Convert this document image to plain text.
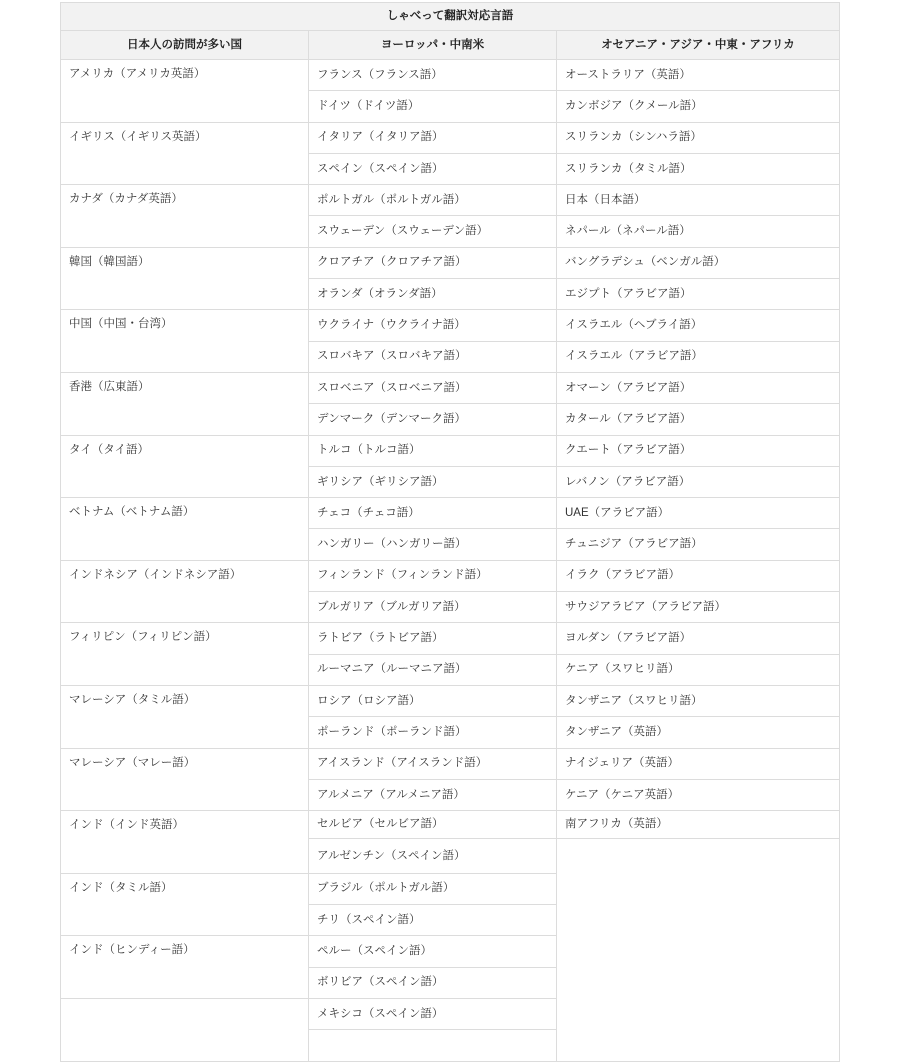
しゃべって翻訳対応言語		
日本人の訪問が多い国	ヨーロッパ・中南米	オセアニア・アジア・中東・アフリカ
アメリカ（アメリカ英語）	フランス（フランス語）	オーストラリア（英語）
	ドイツ（ドイツ語）	カンボジア（クメール語）
イギリス（イギリス英語）	イタリア（イタリア語）	スリランカ（シンハラ語）
	スペイン（スペイン語）	スリランカ（タミル語）
カナダ（カナダ英語）	ポルトガル（ポルトガル語）	日本（日本語）
	スウェーデン（スウェーデン語）	ネパール（ネパール語）
韓国（韓国語）	クロアチア（クロアチア語）	バングラデシュ（ベンガル語）
	オランダ（オランダ語）	エジプト（アラビア語）
中国（中国・台湾）	ウクライナ（ウクライナ語）	イスラエル（ヘブライ語）
	スロバキア（スロバキア語）	イスラエル（アラビア語）
香港（広東語）	スロベニア（スロベニア語）	オマーン（アラビア語）
	デンマーク（デンマーク語）	カタール（アラビア語）
タイ（タイ語）	トルコ（トルコ語）	クエート（アラビア語）
	ギリシア（ギリシア語）	レバノン（アラビア語）
ベトナム（ベトナム語）	チェコ（チェコ語）	UAE（アラビア語）
	ハンガリー（ハンガリー語）	チュニジア（アラビア語）
インドネシア（インドネシア語）	フィンランド（フィンランド語）	イラク（アラビア語）
	ブルガリア（ブルガリア語）	サウジアラビア（アラビア語）
フィリピン（フィリピン語）	ラトビア（ラトビア語）	ヨルダン（アラビア語）
	ルーマニア（ルーマニア語）	ケニア（スワヒリ語）
マレーシア（タミル語）	ロシア（ロシア語）	タンザニア（スワヒリ語）
	ポーランド（ポーランド語）	タンザニア（英語）
マレーシア（マレー語）	アイスランド（アイスランド語）	ナイジェリア（英語）
	アルメニア（アルメニア語）	ケニア（ケニア英語）
インド（インド英語）	セルビア（セルビア語）	南アフリカ（英語）
	アルゼンチン（スペイン語）	
インド（タミル語）	ブラジル（ポルトガル語）	
	チリ（スペイン語）	
インド（ヒンディー語）	ペルー（スペイン語）	
	ボリビア（スペイン語）	
	メキシコ（スペイン語）	
